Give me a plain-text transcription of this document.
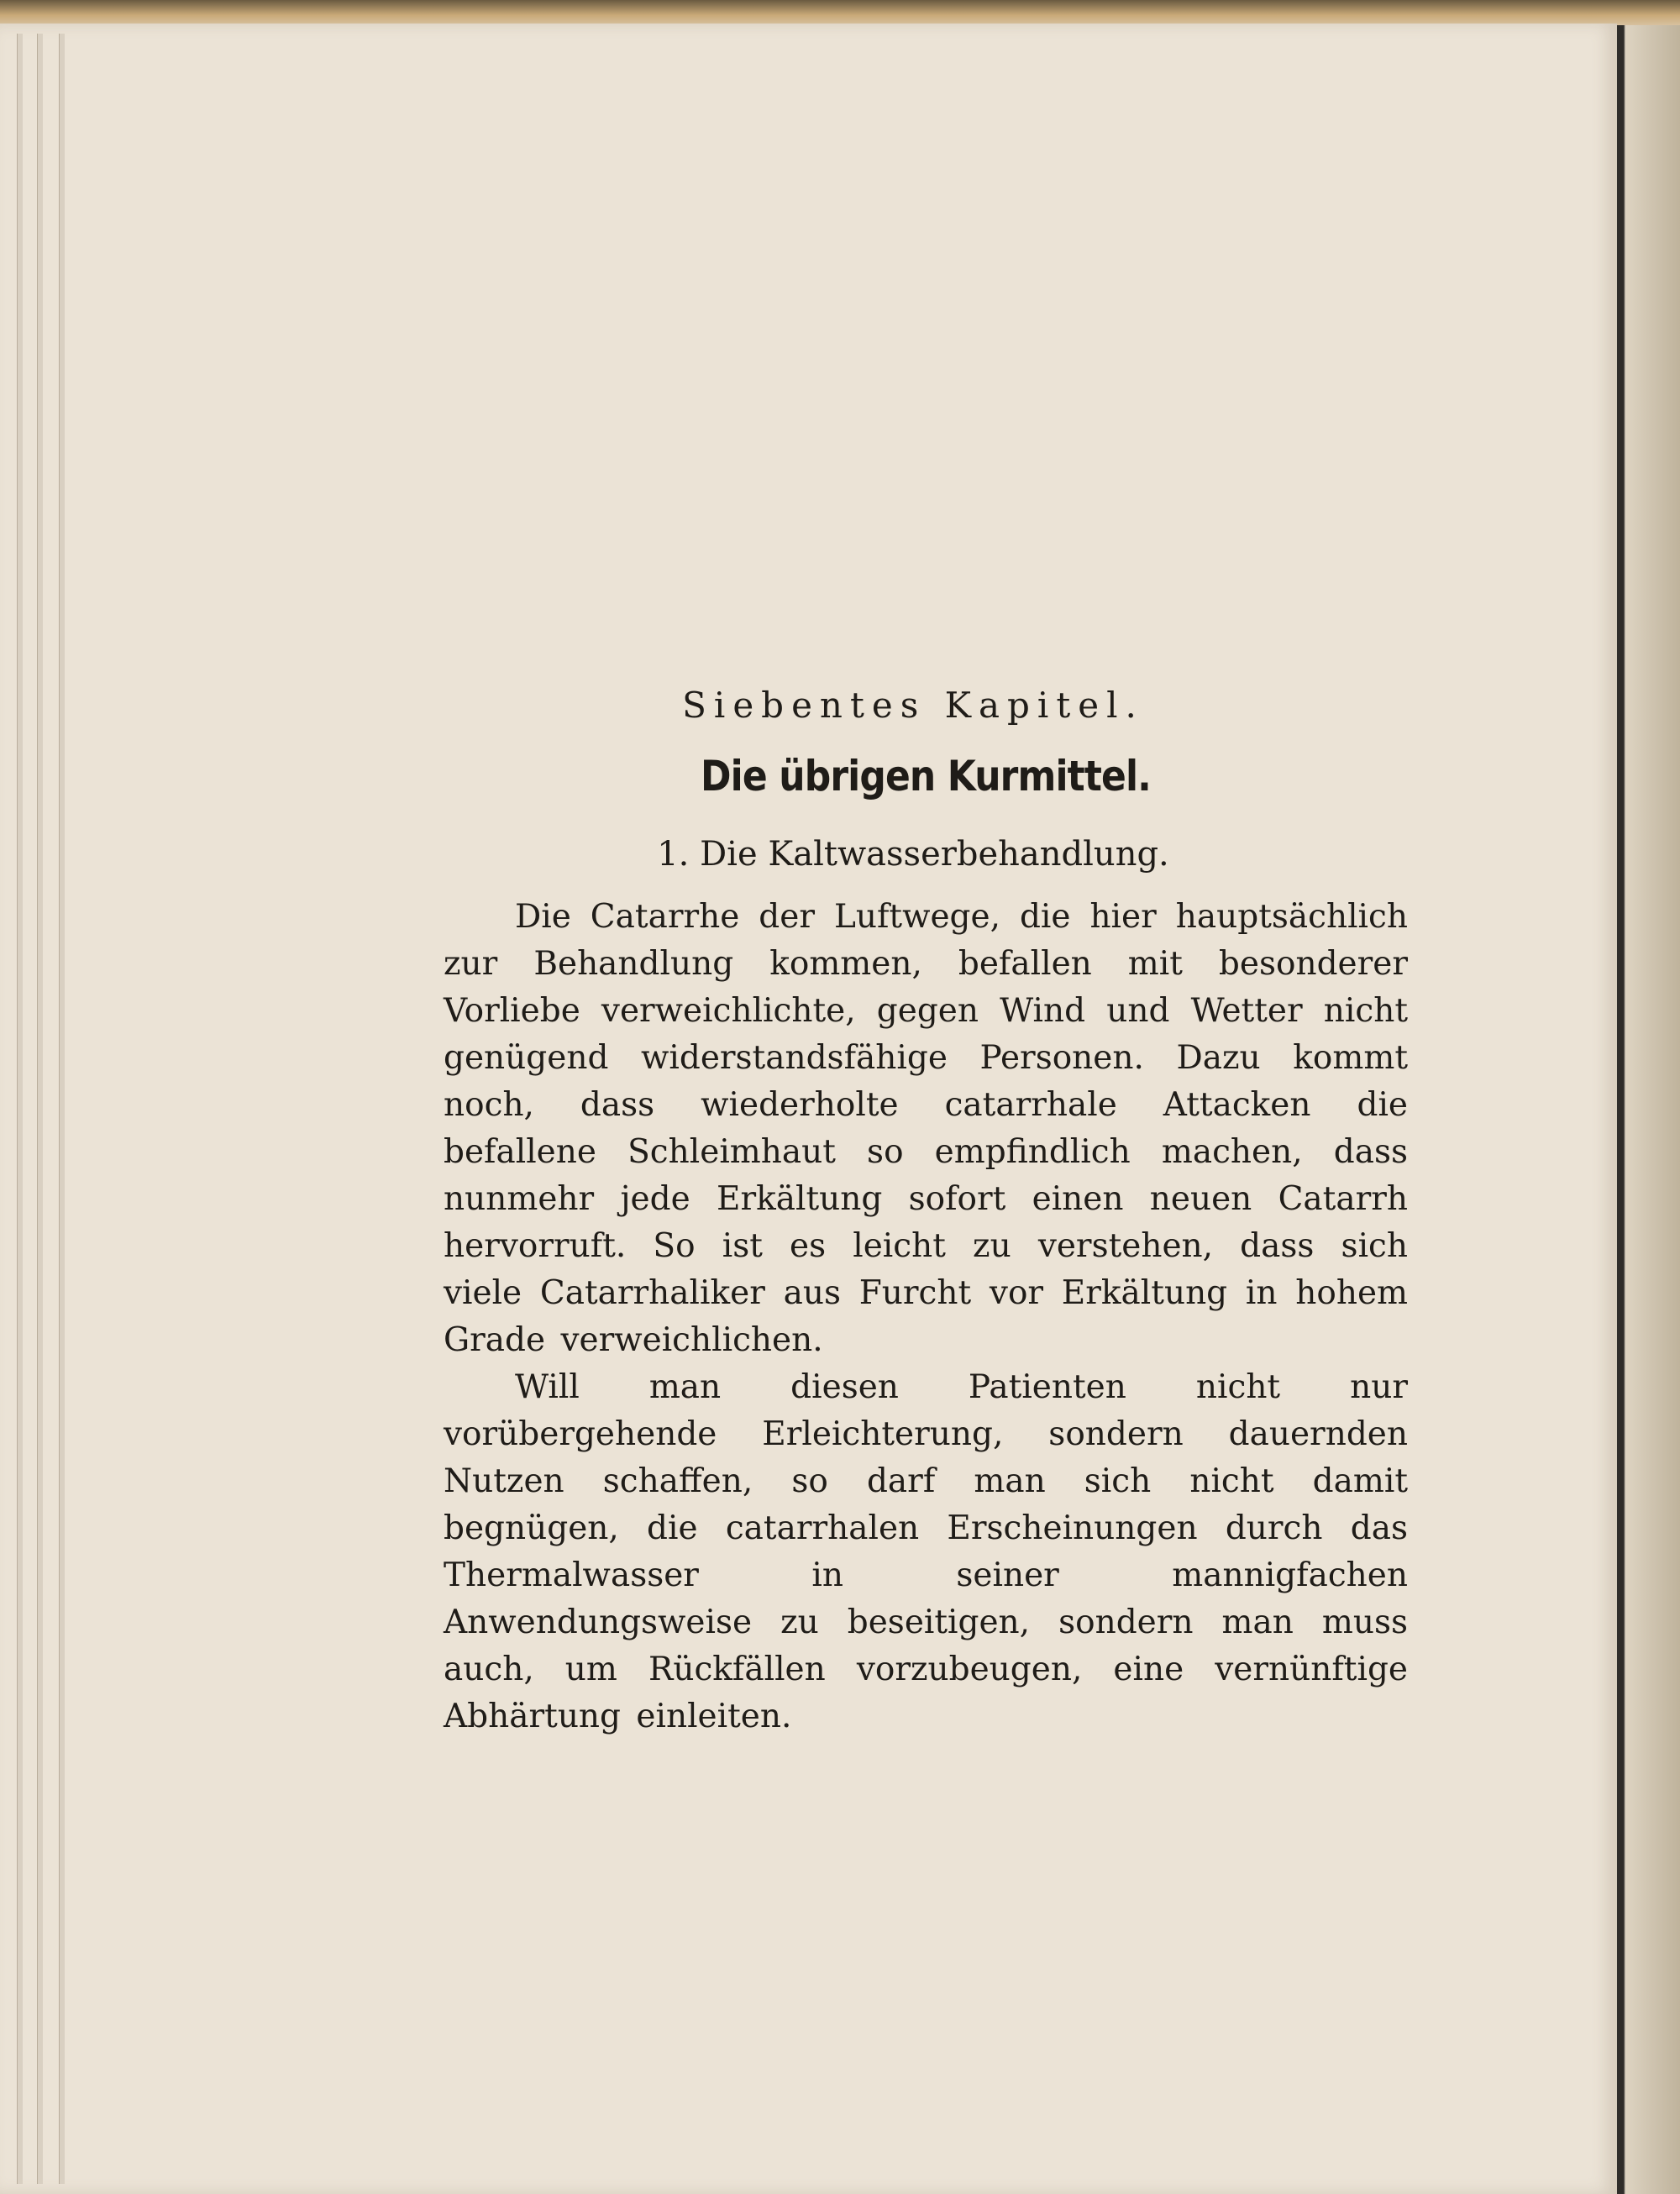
Siebentes Kapitel.
Die übrigen Kurmittel.
1. Die Kaltwasserbehandlung.

Die Catarrhe der Luftwege, die hier hauptsächlich zur Behandlung kommen, befallen mit besonderer Vorliebe verweichlichte, gegen Wind und Wetter nicht genügend widerstandsfähige Personen. Dazu kommt noch, dass wiederholte catarrhale Attacken die befallene Schleimhaut so empfindlich machen, dass nunmehr jede Erkältung sofort einen neuen Catarrh hervorruft. So ist es leicht zu verstehen, dass sich viele Catarrhaliker aus Furcht vor Erkältung in hohem Grade verweichlichen.

Will man diesen Patienten nicht nur vorübergehende Erleichterung, sondern dauernden Nutzen schaffen, so darf man sich nicht damit begnügen, die catarrhalen Erscheinungen durch das Thermalwasser in seiner mannigfachen Anwendungsweise zu beseitigen, sondern man muss auch, um Rückfällen vorzubeugen, eine vernünftige Abhärtung einleiten.
